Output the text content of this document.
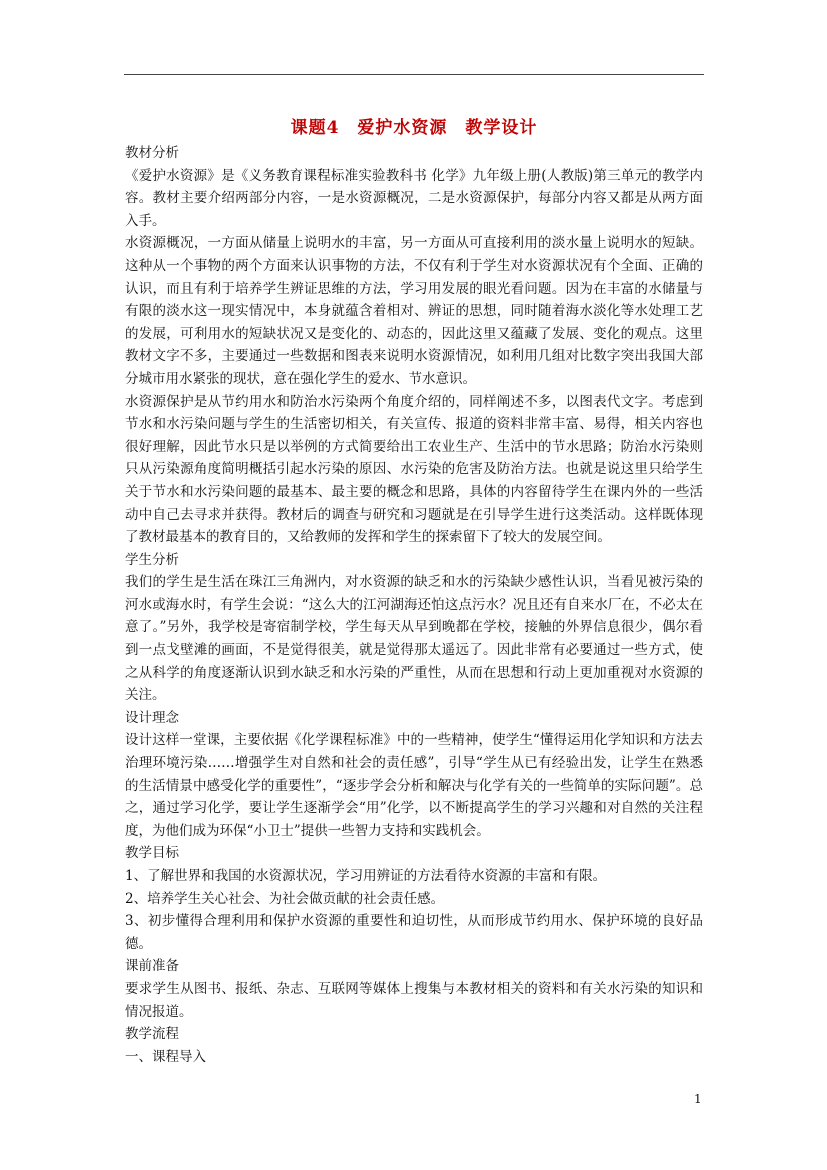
课题4　爱护水资源　教学设计

教材分析

《爱护水资源》是《义务教育课程标准实验教科书 化学》九年级上册(人教版)第三单元的教学内容。教材主要介绍两部分内容，一是水资源概况，二是水资源保护，每部分内容又都是从两方面入手。

水资源概况，一方面从储量上说明水的丰富，另一方面从可直接利用的淡水量上说明水的短缺。这种从一个事物的两个方面来认识事物的方法，不仅有利于学生对水资源状况有个全面、正确的认识，而且有利于培养学生辨证思维的方法，学习用发展的眼光看问题。因为在丰富的水储量与有限的淡水这一现实情况中，本身就蕴含着相对、辨证的思想，同时随着海水淡化等水处理工艺的发展，可利用水的短缺状况又是变化的、动态的，因此这里又蕴藏了发展、变化的观点。这里教材文字不多，主要通过一些数据和图表来说明水资源情况，如利用几组对比数字突出我国大部分城市用水紧张的现状，意在强化学生的爱水、节水意识。

水资源保护是从节约用水和防治水污染两个角度介绍的，同样阐述不多，以图表代文字。考虑到节水和水污染问题与学生的生活密切相关，有关宣传、报道的资料非常丰富、易得，相关内容也很好理解，因此节水只是以举例的方式简要给出工农业生产、生活中的节水思路；防治水污染则只从污染源角度简明概括引起水污染的原因、水污染的危害及防治方法。也就是说这里只给学生关于节水和水污染问题的最基本、最主要的概念和思路，具体的内容留待学生在课内外的一些活动中自己去寻求并获得。教材后的调查与研究和习题就是在引导学生进行这类活动。这样既体现了教材最基本的教育目的，又给教师的发挥和学生的探索留下了较大的发展空间。

学生分析

我们的学生是生活在珠江三角洲内，对水资源的缺乏和水的污染缺少感性认识，当看见被污染的河水或海水时，有学生会说：“这么大的江河湖海还怕这点污水？况且还有自来水厂在，不必太在意了。”另外，我学校是寄宿制学校，学生每天从早到晚都在学校，接触的外界信息很少，偶尔看到一点戈壁滩的画面，不是觉得很美，就是觉得那太遥远了。因此非常有必要通过一些方式，使之从科学的角度逐渐认识到水缺乏和水污染的严重性，从而在思想和行动上更加重视对水资源的关注。

设计理念

设计这样一堂课，主要依据《化学课程标准》中的一些精神，使学生“懂得运用化学知识和方法去治理环境污染……增强学生对自然和社会的责任感”，引导“学生从已有经验出发，让学生在熟悉的生活情景中感受化学的重要性”，“逐步学会分析和解决与化学有关的一些简单的实际问题”。总之，通过学习化学，要让学生逐渐学会“用”化学，以不断提高学生的学习兴趣和对自然的关注程度，为他们成为环保“小卫士”提供一些智力支持和实践机会。

教学目标

1、了解世界和我国的水资源状况，学习用辨证的方法看待水资源的丰富和有限。

2、培养学生关心社会、为社会做贡献的社会责任感。

3、初步懂得合理利用和保护水资源的重要性和迫切性，从而形成节约用水、保护环境的良好品德。

课前准备

要求学生从图书、报纸、杂志、互联网等媒体上搜集与本教材相关的资料和有关水污染的知识和情况报道。

教学流程

一、课程导入

1
